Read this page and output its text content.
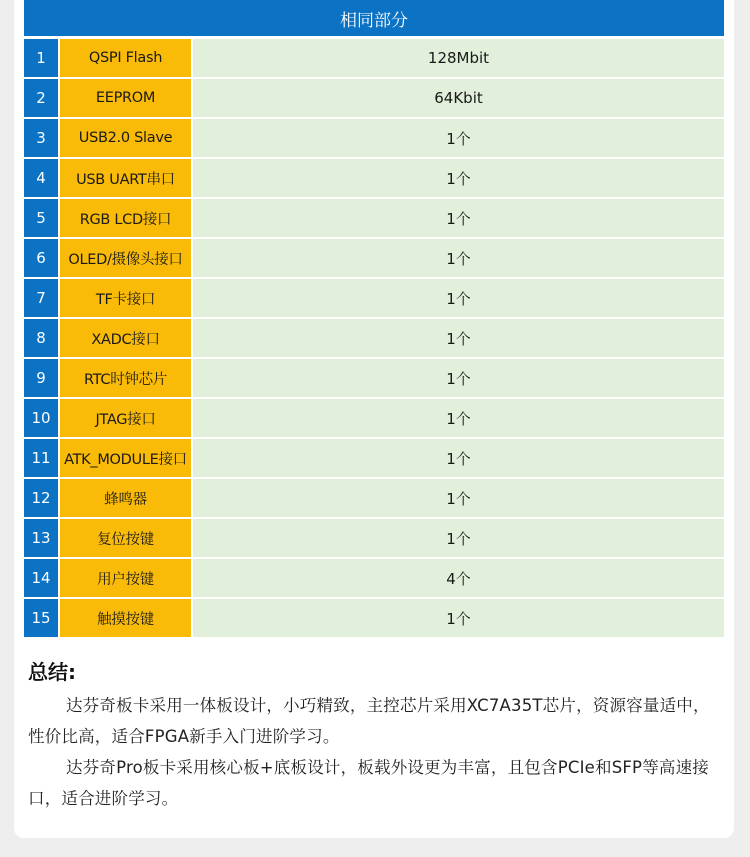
相同部分
1	QSPI Flash	128Mbit
2	EEPROM	64Kbit
3	USB2.0 Slave	1个
4	USB UART串口	1个
5	RGB LCD接口	1个
6	OLED/摄像头接口	1个
7	TF卡接口	1个
8	XADC接口	1个
9	RTC时钟芯片	1个
10	JTAG接口	1个
11 ATK_MODULE接口	1个
12	蜂鸣器	1个
13	复位按键	1个
14	用户按键	4个
15	触摸按键	1个
总结:
达芬奇板卡采用一体板设计，小巧精致，主控芯片采用XC7A35T芯片，资源容量适中，性价比高，适合FPGA新手入门进阶学习。
达芬奇Pro板卡采用核心板+底板设计，板载外设更为丰富，且包含PCIe和SFP等高速接口，适合进阶学习。
